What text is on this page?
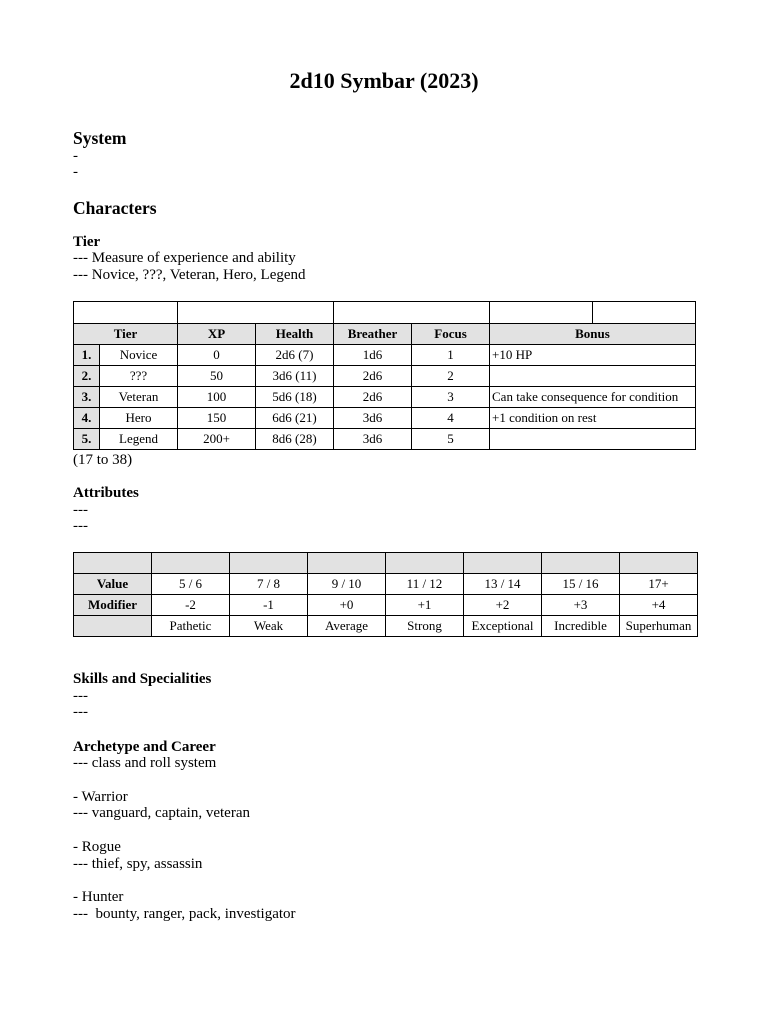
2d10 Symbar (2023)
System
-
-
Characters
Tier
--- Measure of experience and ability
--- Novice, ???, Veteran, Hero, Legend

Tier		XP	Health	Breather	Focus	Bonus	
1.	Novice	0	2d6 (7)	1d6	1	+10 HP	
2.	???	50	3d6 (11)	2d6	2		
3.	Veteran	100	5d6 (18)	2d6	3	Can take consequence for condition	
4.	Hero	150	6d6 (21)	3d6	4	+1 condition on rest	
5.	Legend	200+	8d6 (28)	3d6	5		
(17 to 38)
Attributes
---
---

Value	5 / 6	7 / 8	9 / 10	11 / 12	13 / 14	15 / 16	17+
Modifier	-2	-1	+0	+1	+2	+3	+4
	Pathetic	Weak	Average	Strong	Exceptional	Incredible	Superhuman
Skills and Specialities
---
---
Archetype and Career
--- class and roll system
- Warrior
--- vanguard, captain, veteran
- Rogue
--- thief, spy, assassin
- Hunter
---  bounty, ranger, pack, investigator
